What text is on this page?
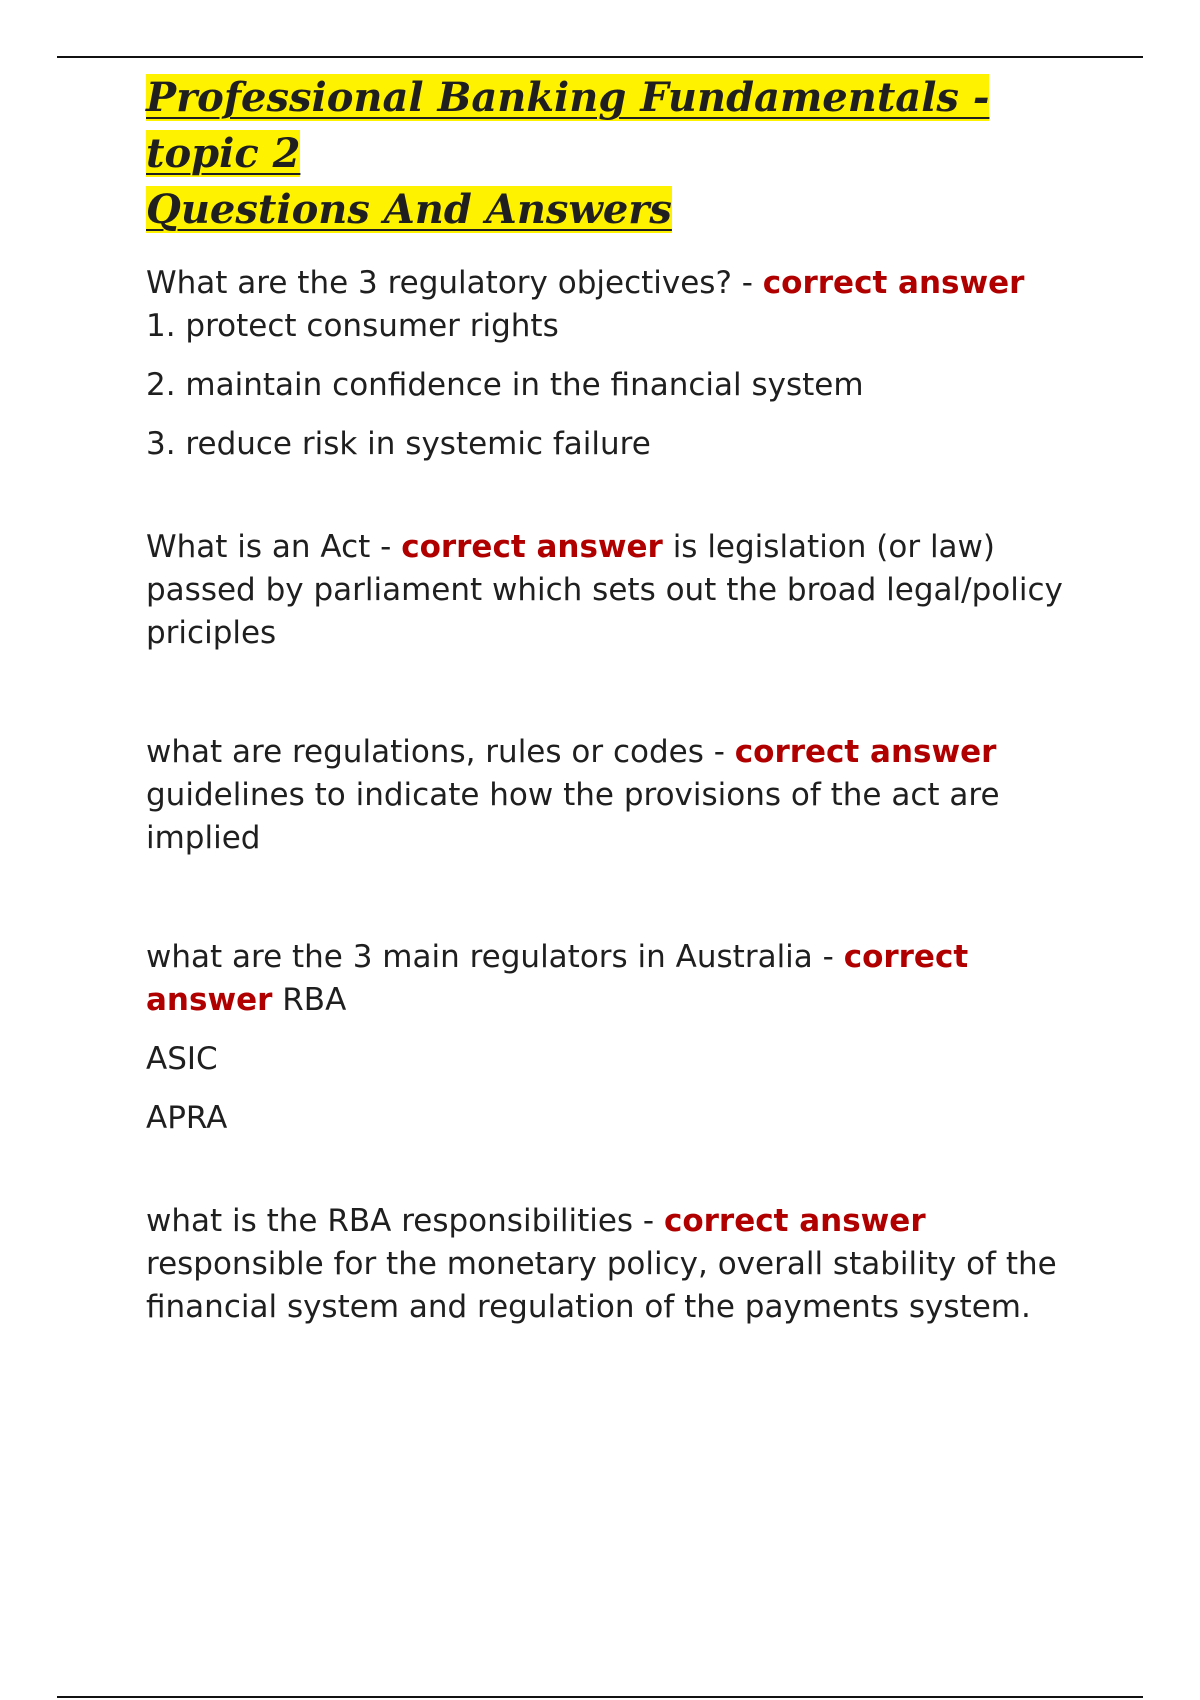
Professional Banking Fundamentals - topic 2
Questions And Answers

What are the 3 regulatory objectives? - correct answer

1. protect consumer rights

2. maintain confidence in the financial system

3. reduce risk in systemic failure

What is an Act - correct answer is legislation (or law) passed by parliament which sets out the broad legal/policy priciples

what are regulations, rules or codes - correct answer guidelines to indicate how the provisions of the act are implied

what are the 3 main regulators in Australia - correct answer RBA

ASIC

APRA

what is the RBA responsibilities - correct answer responsible for the monetary policy, overall stability of the financial system and regulation of the payments system.
